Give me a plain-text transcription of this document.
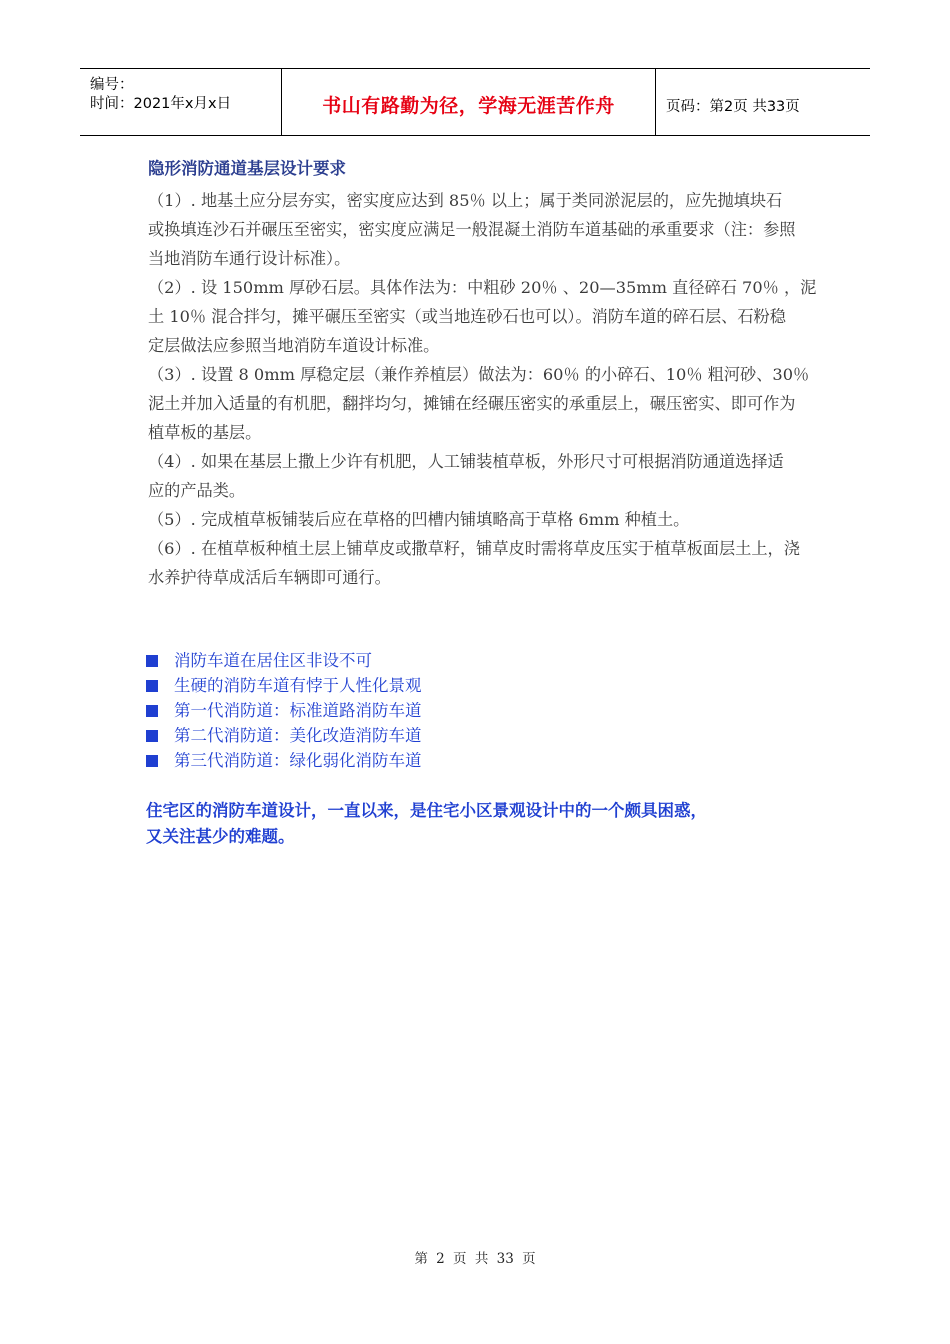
编号：
时间：2021年x月x日	书山有路勤为径，学海无涯苦作舟	页码：第2页 共33页
隐形消防通道基层设计要求

（1）. 地基土应分层夯实，密实度应达到 85％ 以上；属于类同淤泥层的，应先抛填块石
或换填连沙石并碾压至密实，密实度应满足一般混凝土消防车道基础的承重要求（注：参照
当地消防车通行设计标准）。

（2）. 设 150mm 厚砂石层。具体作法为：中粗砂 20％ 、20—35mm 直径碎石 70％ ，泥
土 10％ 混合拌匀，摊平碾压至密实（或当地连砂石也可以）。消防车道的碎石层、石粉稳
定层做法应参照当地消防车道设计标准。

（3）. 设置 8 0mm 厚稳定层（兼作养植层）做法为：60％ 的小碎石、10％ 粗河砂、30％
泥土并加入适量的有机肥，翻拌均匀，摊铺在经碾压密实的承重层上，碾压密实、即可作为
植草板的基层。

（4）. 如果在基层上撒上少许有机肥，人工铺装植草板，外形尺寸可根据消防通道选择适
应的产品类。

（5）. 完成植草板铺装后应在草格的凹槽内铺填略高于草格 6mm 种植土。

（6）. 在植草板种植土层上铺草皮或撒草籽，铺草皮时需将草皮压实于植草板面层土上，浇
水养护待草成活后车辆即可通行。

消防车道在居住区非设不可
生硬的消防车道有悖于人性化景观
第一代消防道：标准道路消防车道
第二代消防道：美化改造消防车道
第三代消防道：绿化弱化消防车道
住宅区的消防车道设计，一直以来，是住宅小区景观设计中的一个颇具困惑，
又关注甚少的难题。
第 2 页 共 33 页
